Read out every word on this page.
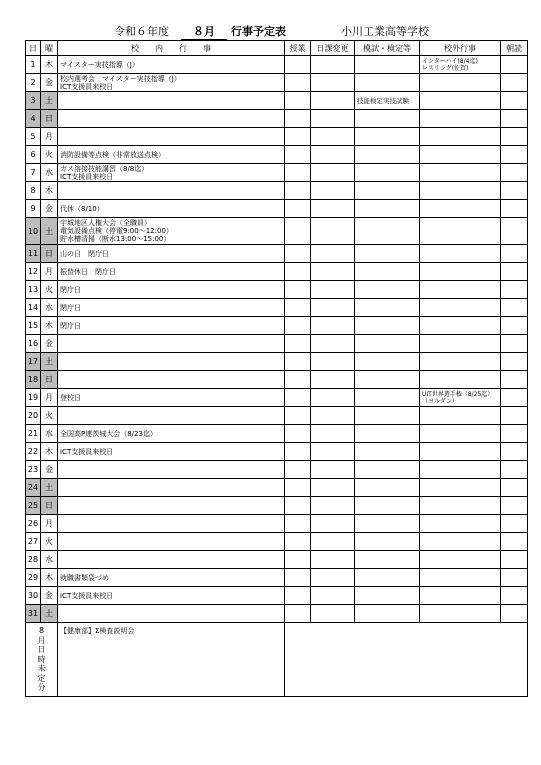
令和６年度	８月	行事予定表	小川工業高等学校
日	曜	校　　内　　行　　事	授業	日課変更	模試・検定等	校外行事	朝読
1	木	マイスター実技指導（J）				インターハイ(8/4迄)
レスリング(佐賀)	

2	金	校内選考会　マイスター実技指導（J）
ICT支援員来校日					

3	土				技能検定実技試験		
4	日						
5	月						
6	火	消防設備等点検（非常放送点検）					

7	水	ガス溶接技能講習（8/8迄）
ICT支援員来校日					

8	木						
9	金	代休（8/10）					

10	土	宇城地区人権大会（全職員）
電気設備点検（停電9:00～12:00）
貯水槽清掃（断水13:00～15:00）					

11	日	山の日　閉庁日					

12	月	振替休日　閉庁日					

13	火	閉庁日					

14	水	閉庁日					

15	木	閉庁日					

16	金						
17	土						
18	日						
19	月	登校日				UIT世界選手権（8/25迄）
（ヨルダン）	

20	火						
21	水	全国高P連茨城大会（8/23迄）					

22	木	ICT支援員来校日					

23	金						
24	土						
25	日						
26	月						
27	火						
28	水						
29	木	就職書類袋づめ					

30	金	ICT支援員来校日					

31	土						

8月日時未定分		【健康部】Σ検査説明会					
